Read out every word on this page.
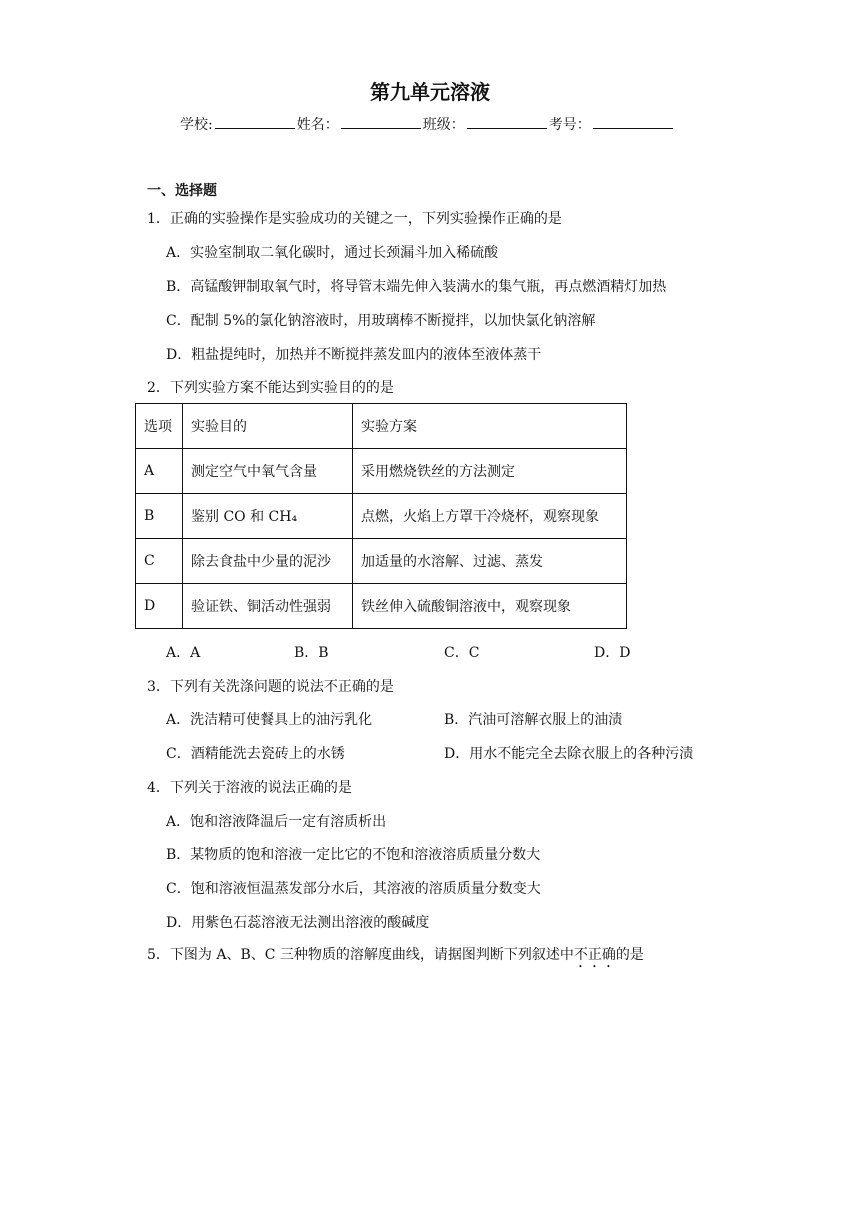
第九单元溶液
学校:	姓名：	班级：	考号：
一、选择题
1．正确的实验操作是实验成功的关键之一，下列实验操作正确的是
A．实验室制取二氧化碳时，通过长颈漏斗加入稀硫酸
B．高锰酸钾制取氧气时，将导管末端先伸入装满水的集气瓶，再点燃酒精灯加热
C．配制 5%的氯化钠溶液时，用玻璃棒不断搅拌，以加快氯化钠溶解
D．粗盐提纯时，加热并不断搅拌蒸发皿内的液体至液体蒸干
2．下列实验方案不能达到实验目的的是
选项	实验目的	实验方案
A	测定空气中氧气含量	采用燃烧铁丝的方法测定
B	鉴别 CO 和 CH₄	点燃，火焰上方罩干冷烧杯，观察现象
C	除去食盐中少量的泥沙	加适量的水溶解、过滤、蒸发
D	验证铁、铜活动性强弱	铁丝伸入硫酸铜溶液中，观察现象
A．A	B．B	C．C	D．D
3．下列有关洗涤问题的说法不正确的是
A．洗洁精可使餐具上的油污乳化	B．汽油可溶解衣服上的油渍
C．酒精能洗去瓷砖上的水锈	D．用水不能完全去除衣服上的各种污渍
4．下列关于溶液的说法正确的是
A．饱和溶液降温后一定有溶质析出
B．某物质的饱和溶液一定比它的不饱和溶液溶质质量分数大
C．饱和溶液恒温蒸发部分水后，其溶液的溶质质量分数变大
D．用紫色石蕊溶液无法测出溶液的酸碱度
5．下图为 A、B、C 三种物质的溶解度曲线，请据图判断下列叙述中不正确的是
